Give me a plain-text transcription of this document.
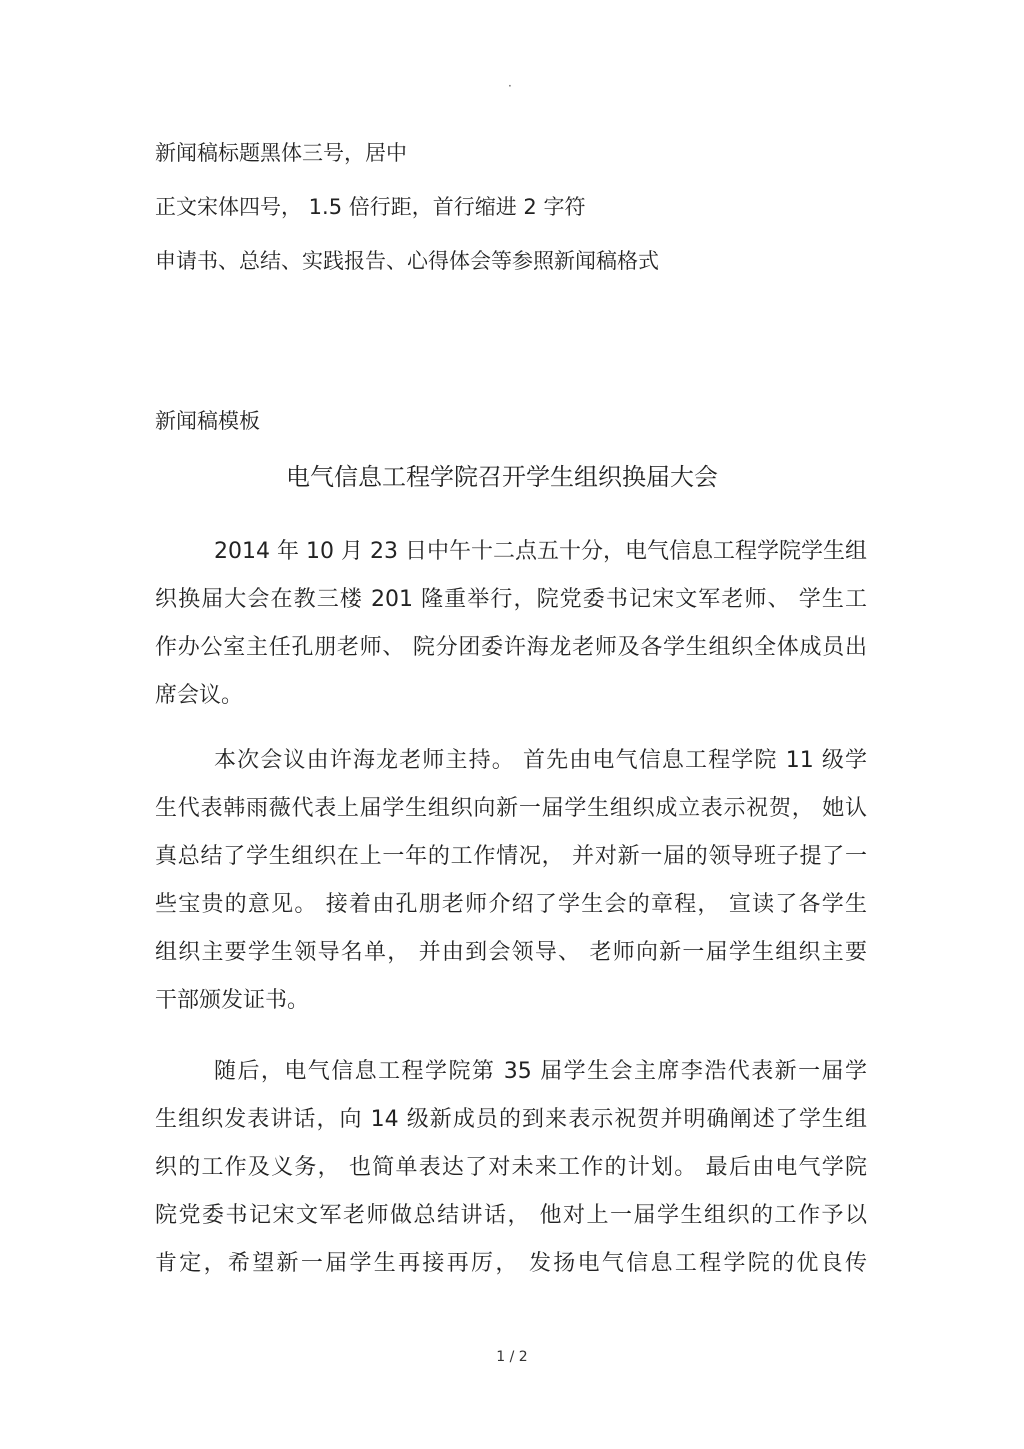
·
新闻稿标题黑体三号，居中
正文宋体四号， 1.5 倍行距，首行缩进 2 字符
申请书、总结、实践报告、心得体会等参照新闻稿格式
新闻稿模板
电气信息工程学院召开学生组织换届大会
2014 年 10 月 23 日中午十二点五十分，电气信息工程学院学生组
织换届大会在教三楼 201 隆重举行，院党委书记宋文军老师、 学生工
作办公室主任孔朋老师、 院分团委许海龙老师及各学生组织全体成员出
席会议。
本次会议由许海龙老师主持。 首先由电气信息工程学院 11 级学
生代表韩雨薇代表上届学生组织向新一届学生组织成立表示祝贺， 她认
真总结了学生组织在上一年的工作情况， 并对新一届的领导班子提了一
些宝贵的意见。 接着由孔朋老师介绍了学生会的章程， 宣读了各学生
组织主要学生领导名单， 并由到会领导、 老师向新一届学生组织主要
干部颁发证书。
随后，电气信息工程学院第 35 届学生会主席李浩代表新一届学
生组织发表讲话，向 14 级新成员的到来表示祝贺并明确阐述了学生组
织的工作及义务， 也简单表达了对未来工作的计划。 最后由电气学院
院党委书记宋文军老师做总结讲话， 他对上一届学生组织的工作予以
肯定，希望新一届学生再接再厉， 发扬电气信息工程学院的优良传
1 / 2
